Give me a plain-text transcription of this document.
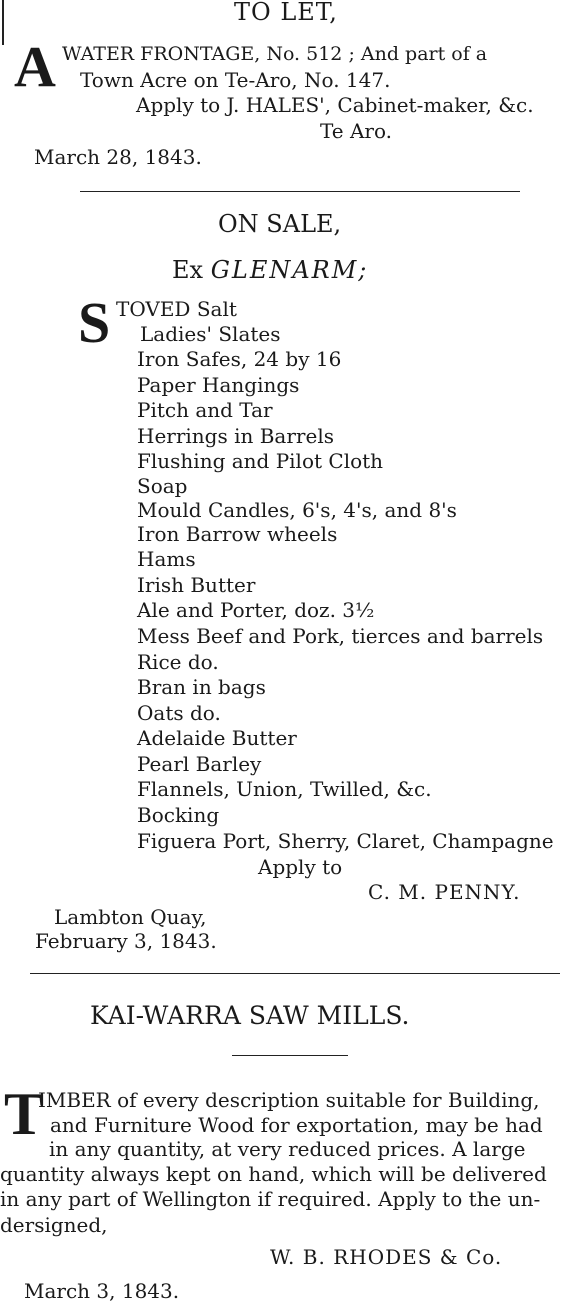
TO LET,
A WATER FRONTAGE, No. 512 ; And part of a
Town Acre on Te-Aro, No. 147.
Apply to J. HALES', Cabinet-maker, &c.
Te Aro.
March 28, 1843.
ON SALE,
Ex GLENARM;
S TOVED Salt
Ladies' Slates
Iron Safes, 24 by 16
Paper Hangings
Pitch and Tar
Herrings in Barrels
Flushing and Pilot Cloth
Soap
Mould Candles, 6's, 4's, and 8's
Iron Barrow wheels
Hams
Irish Butter
Ale and Porter, doz. 3½
Mess Beef and Pork, tierces and barrels
Rice do.
Bran in bags
Oats do.
Adelaide Butter
Pearl Barley
Flannels, Union, Twilled, &c.
Bocking
Figuera Port, Sherry, Claret, Champagne
Apply to
C. M. PENNY.
Lambton Quay,
February 3, 1843.
KAI-WARRA SAW MILLS.
T
IMBER of every description suitable for Building,
and Furniture Wood for exportation, may be had
in any quantity, at very reduced prices. A large
quantity always kept on hand, which will be delivered
in any part of Wellington if required. Apply to the un-
dersigned,
W. B. RHODES & Co.
March 3, 1843.
